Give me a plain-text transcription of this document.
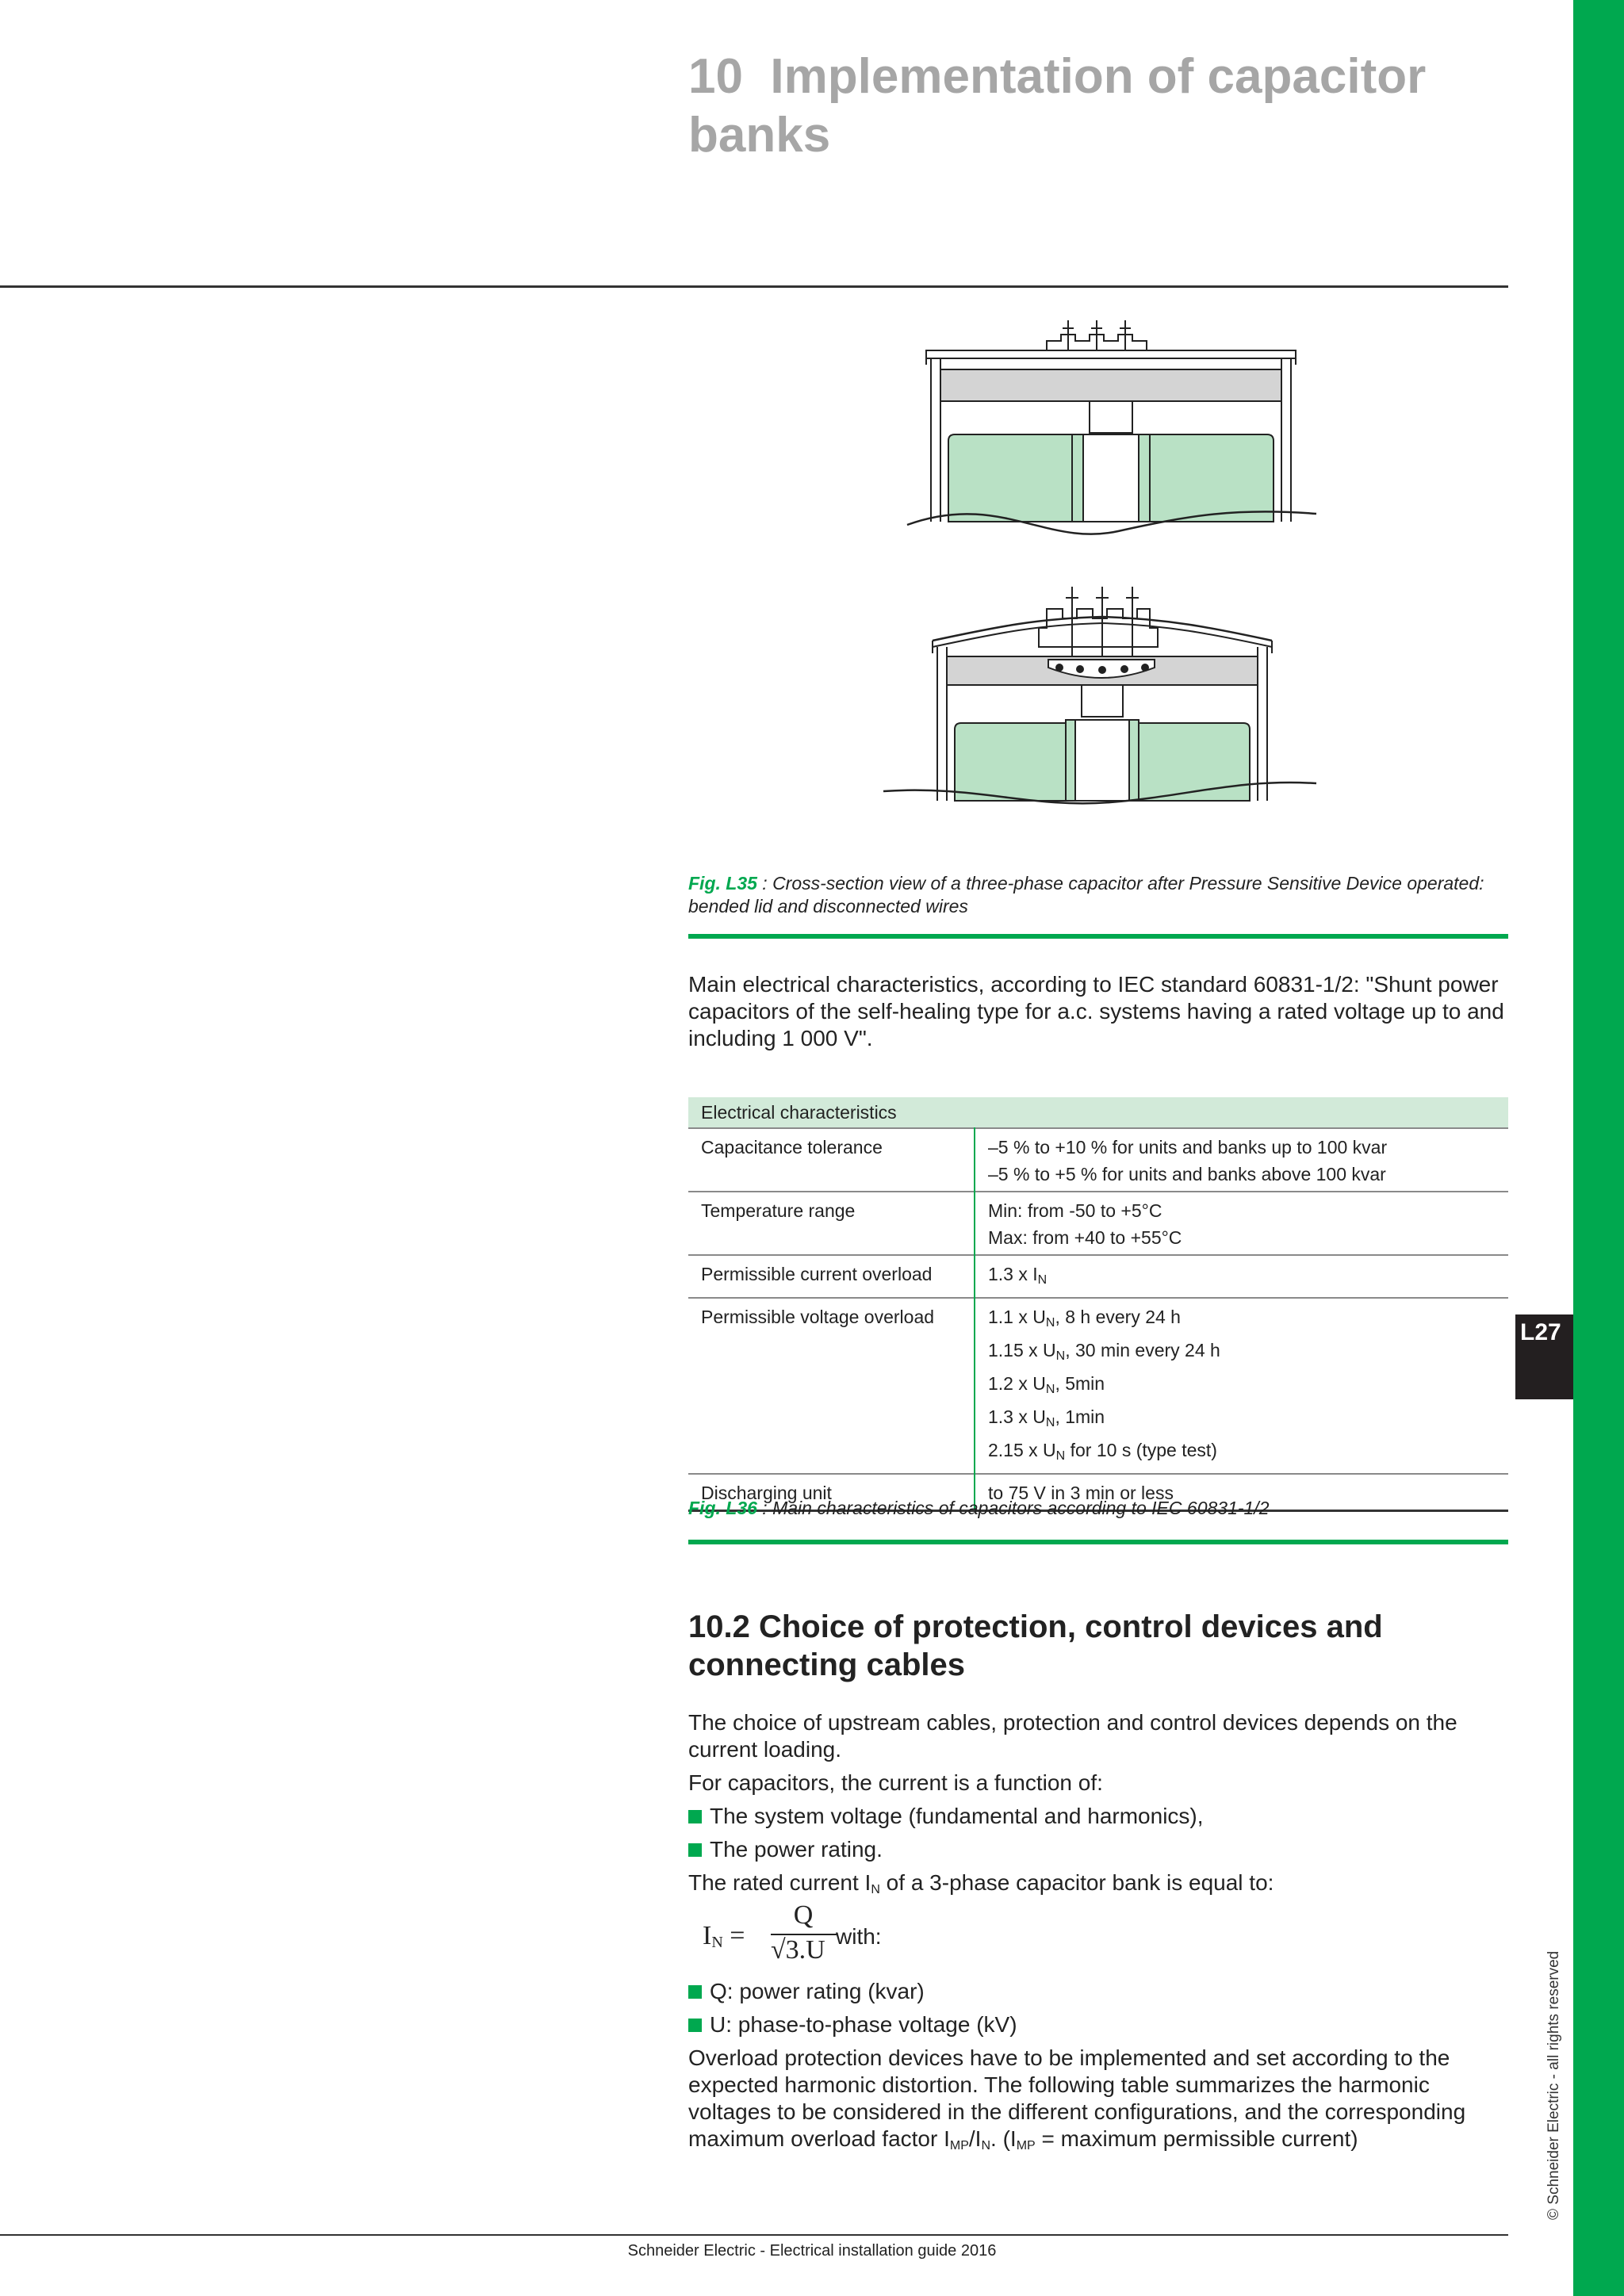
L27
© Schneider Electric - all rights reserved
10 Implementation of capacitor banks
Fig. L35 : Cross-section view of a three-phase capacitor after Pressure Sensitive Device operated: bended lid and disconnected wires

Main electrical characteristics, according to IEC standard 60831-1/2: "Shunt power capacitors of the self-healing type for a.c. systems having a rated voltage up to and including 1 000 V".

Electrical characteristics	
Capacitance tolerance	–5 % to +10 % for units and banks up to 100 kvar
–5 % to +5 % for units and banks above 100 kvar

Temperature range	Min: from -50 to +5°C
Max: from +40 to +55°C

Permissible current overload	1.3 x $I_N$

Permissible voltage overload	1.1 x $U_N$, 8 h every 24 h
1.15 x $U_N$, 30 min every 24 h
1.2 x $U_N$, 5min
1.3 x $U_N$, 1min
2.15 x $U_N$ for 10 s (type test)

Discharging unit	to 75 V in 3 min or less
Fig. L36 : Main characteristics of capacitors according to IEC 60831-1/2
10.2 Choice of protection, control devices and connecting cables

The choice of upstream cables, protection and control devices depends on the current loading.

For capacitors, the current is a function of:

The system voltage (fundamental and harmonics),
The power rating.

The rated current $I_N$ of a 3-phase capacitor bank is equal to:

$I_N$ =
Q
√3.U with:
Q: power rating (kvar)
U: phase-to-phase voltage (kV)

Overload protection devices have to be implemented and set according to the expected harmonic distortion. The following table summarizes the harmonic voltages to be considered in the different configurations, and the corresponding maximum overload factor $I_{MP}/I_N$. ($I_{MP}$ = maximum permissible current)

Schneider Electric - Electrical installation guide 2016
